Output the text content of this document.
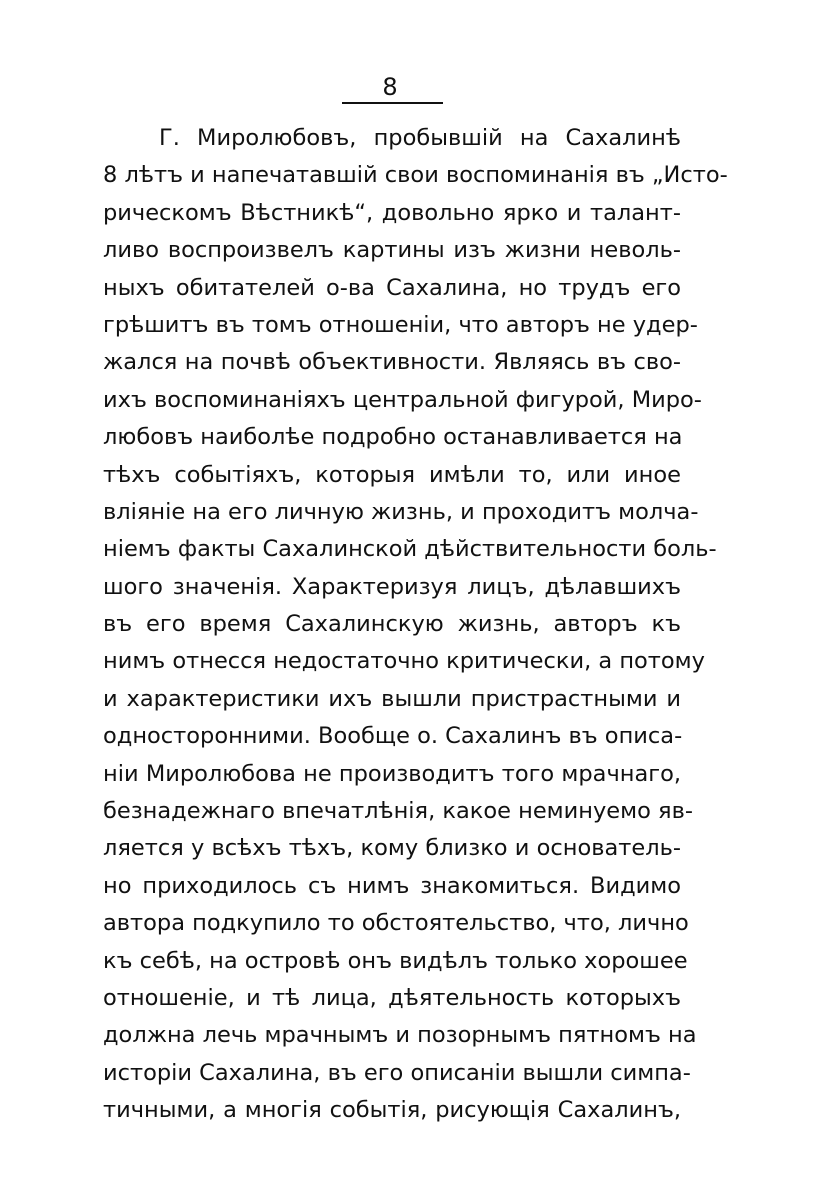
8
Г. Миролюбовъ, пробывшій на Сахалинѣ
8 лѣтъ и напечатавшій свои воспоминанія въ „Исто-
рическомъ Вѣстникѣ“, довольно ярко и талант-
ливо воспроизвелъ картины изъ жизни неволь-
ныхъ обитателей о-ва Сахалина, но трудъ его
грѣшитъ въ томъ отношеніи, что авторъ не удер-
жался на почвѣ объективности. Являясь въ сво-
ихъ воспоминаніяхъ центральной фигурой, Миро-
любовъ наиболѣе подробно останавливается на
тѣхъ событіяхъ, которыя имѣли то, или иное
вліяніе на его личную жизнь, и проходитъ молча-
ніемъ факты Сахалинской дѣйствительности боль-
шого значенія. Характеризуя лицъ, дѣлавшихъ
въ его время Сахалинскую жизнь, авторъ къ
нимъ отнесся недостаточно критически, а потому
и характеристики ихъ вышли пристрастными и
односторонними. Вообще о. Сахалинъ въ описа-
ніи Миролюбова не производитъ того мрачнаго,
безнадежнаго впечатлѣнія, какое неминуемо яв-
ляется у всѣхъ тѣхъ, кому близко и основатель-
но приходилось съ нимъ знакомиться. Видимо
автора подкупило то обстоятельство, что, лично
къ себѣ, на островѣ онъ видѣлъ только хорошее
отношеніе, и тѣ лица, дѣятельность которыхъ
должна лечь мрачнымъ и позорнымъ пятномъ на
исторіи Сахалина, въ его описаніи вышли симпа-
тичными, а многія событія, рисующія Сахалинъ,
